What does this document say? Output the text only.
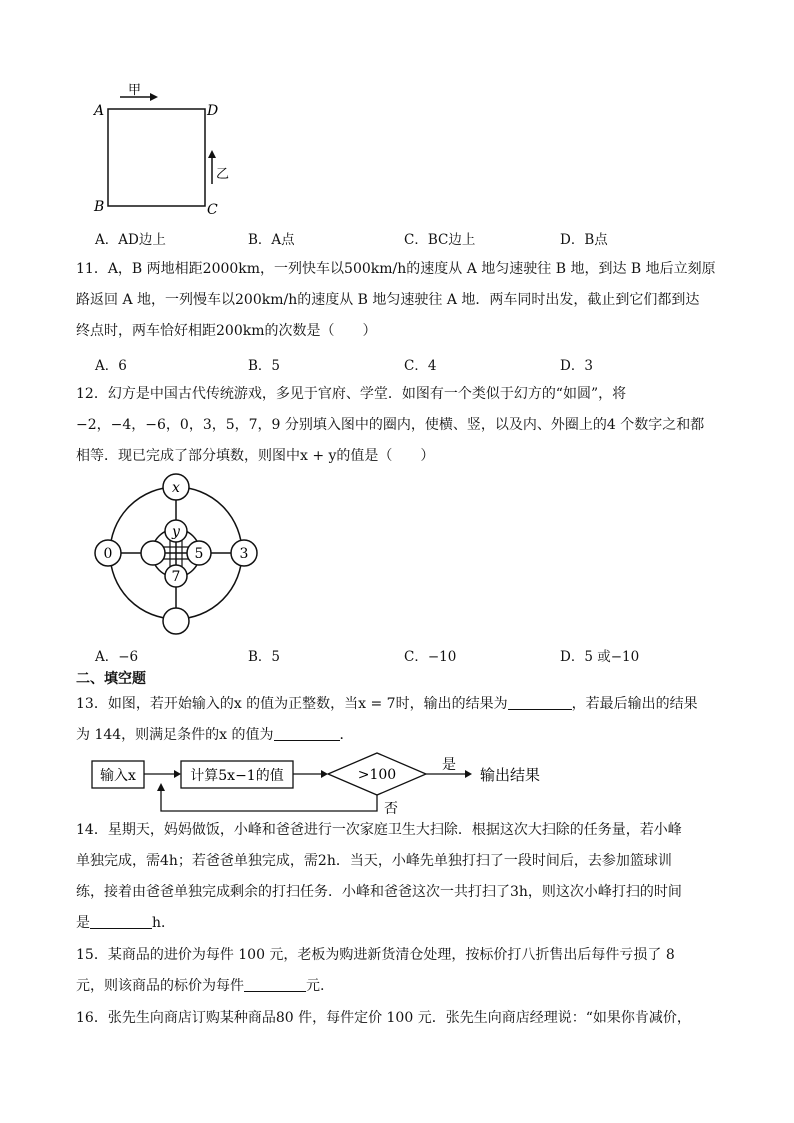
A	D
B	C
甲
乙
A．AD边上	B．A点	C．BC边上	D．B点
11．A，B 两地相距2000km，一列快车以500km/h的速度从 A 地匀速驶往 B 地，到达 B 地后立刻原
路返回 A 地，一列慢车以200km/h的速度从 B 地匀速驶往 A 地．两车同时出发，截止到它们都到达
终点时，两车恰好相距200km的次数是（　　）
A．6	B．5	C．4	D．3
12．幻方是中国古代传统游戏，多见于官府、学堂．如图有一个类似于幻方的“如圆”，将
−2，−4，−6，0，3，5，7，9 分别填入图中的圈内，使横、竖，以及内、外圈上的4 个数字之和都
相等．现已完成了部分填数，则图中x + y的值是（　　）
x
y
0	5	3
7
A．−6	B．5	C．−10	D．5 或−10
二、填空题
13．如图，若开始输入的x 的值为正整数，当x = 7时，输出的结果为	，若最后输出的结果
为 144，则满足条件的x 的值为	．
输入x	计算5x−1的值	>100
是
输出结果
否
14．星期天，妈妈做饭，小峰和爸爸进行一次家庭卫生大扫除．根据这次大扫除的任务量，若小峰
单独完成，需4h；若爸爸单独完成，需2h．当天，小峰先单独打扫了一段时间后，去参加篮球训
练，接着由爸爸单独完成剩余的打扫任务．小峰和爸爸这次一共打扫了3h，则这次小峰打扫的时间
是	h．
15．某商品的进价为每件 100 元，老板为购进新货清仓处理，按标价打八折售出后每件亏损了 8
元，则该商品的标价为每件	元.
16．张先生向商店订购某种商品80 件，每件定价 100 元．张先生向商店经理说：“如果你肯减价，
